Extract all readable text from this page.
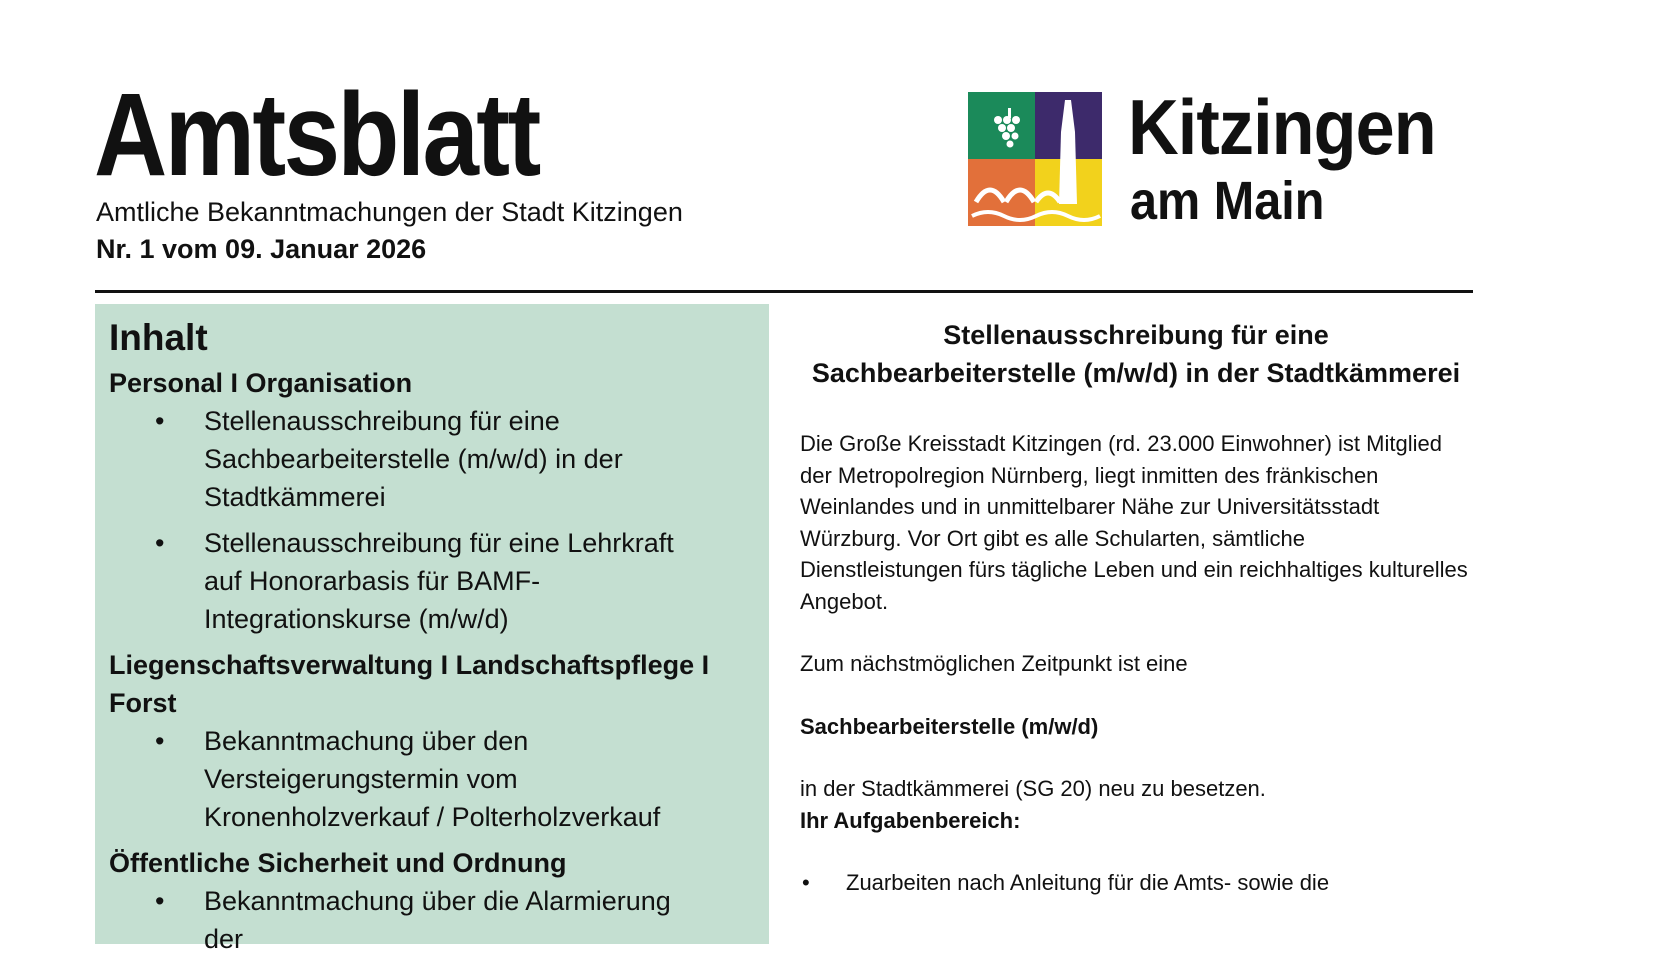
Amtsblatt
Amtliche Bekanntmachungen der Stadt Kitzingen
Nr. 1 vom 09. Januar 2026
Kitzingen
am Main
Inhalt
Personal I Organisation
• Stellenausschreibung für eine Sachbearbeiterstelle (m/w/d) in der Stadtkämmerei
• Stellenausschreibung für eine Lehrkraft auf Honorarbasis für BAMF-Integrationskurse (m/w/d)
Liegenschaftsverwaltung I Landschaftspflege I Forst
• Bekanntmachung über den Versteigerungstermin vom Kronenholzverkauf / Polterholzverkauf
Öffentliche Sicherheit und Ordnung
• Bekanntmachung über die Alarmierung der
Stellenausschreibung für eine
Sachbearbeiterstelle (m/w/d) in der Stadtkämmerei

Die Große Kreisstadt Kitzingen (rd. 23.000 Einwohner) ist Mitglied der Metropolregion Nürnberg, liegt inmitten des fränkischen Weinlandes und in unmittelbarer Nähe zur Universitätsstadt Würzburg. Vor Ort gibt es alle Schularten, sämtliche Dienstleistungen fürs tägliche Leben und ein reichhaltiges kulturelles Angebot.

Zum nächstmöglichen Zeitpunkt ist eine

Sachbearbeiterstelle (m/w/d)

in der Stadtkämmerei (SG 20) neu zu besetzen.

Ihr Aufgabenbereich:

• Zuarbeiten nach Anleitung für die Amts- sowie die
